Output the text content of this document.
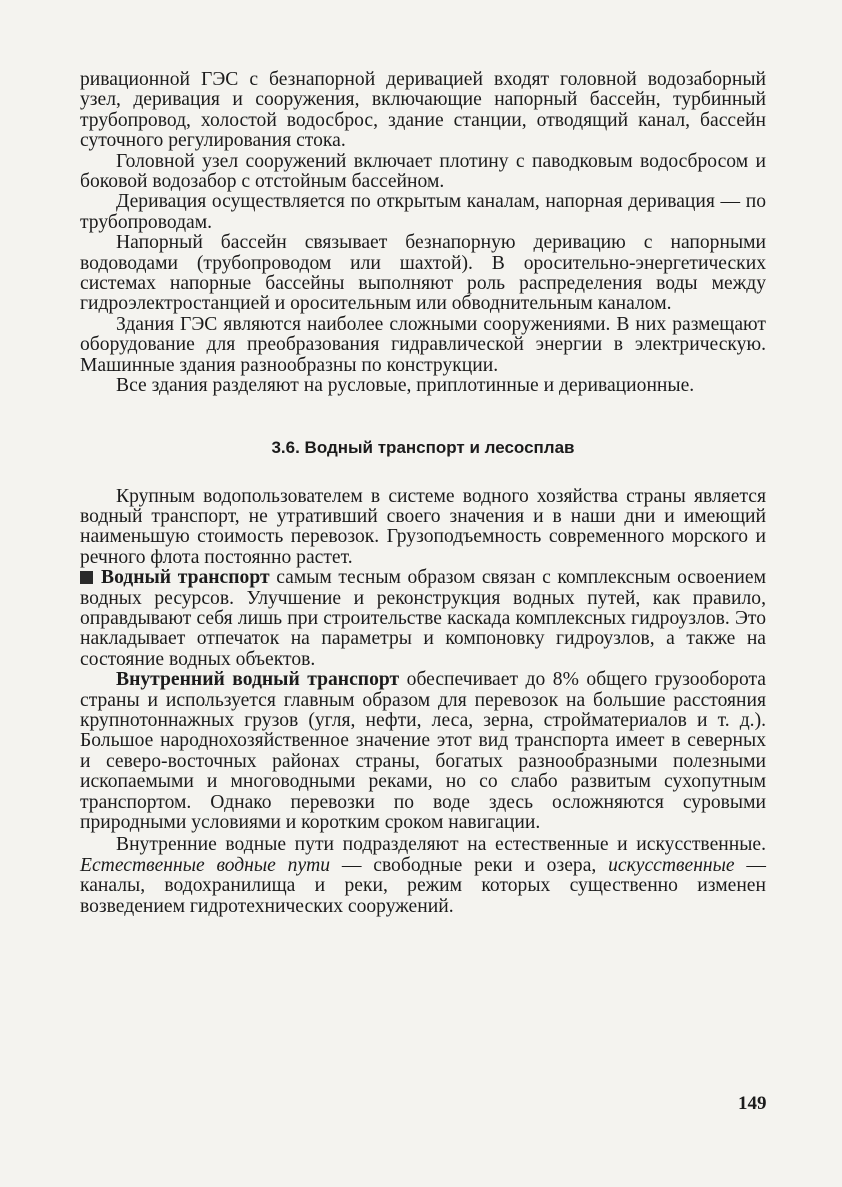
ривационной ГЭС с безнапорной деривацией входят головной водозаборный узел, деривация и сооружения, включающие напорный бассейн, турбинный трубопровод, холостой водосброс, здание станции, отводящий канал, бассейн суточного регулирования стока.

Головной узел сооружений включает плотину с паводковым водосбросом и боковой водозабор с отстойным бассейном.

Деривация осуществляется по открытым каналам, напорная деривация — по трубопроводам.

Напорный бассейн связывает безнапорную деривацию с напорными водоводами (трубопроводом или шахтой). В оросительно-энергетических системах напорные бассейны выполняют роль распределения воды между гидроэлектростанцией и оросительным или обводнительным каналом.

Здания ГЭС являются наиболее сложными сооружениями. В них размещают оборудование для преобразования гидравлической энергии в электрическую. Машинные здания разнообразны по конструкции.

Все здания разделяют на русловые, приплотинные и деривационные.

3.6. Водный транспорт и лесосплав

Крупным водопользователем в системе водного хозяйства страны является водный транспорт, не утративший своего значения и в наши дни и имеющий наименьшую стоимость перевозок. Грузоподъемность современного морского и речного флота постоянно растет.

Водный транспорт самым тесным образом связан с комплексным освоением водных ресурсов. Улучшение и реконструкция водных путей, как правило, оправдывают себя лишь при строительстве каскада комплексных гидроузлов. Это накладывает отпечаток на параметры и компоновку гидроузлов, а также на состояние водных объектов.

Внутренний водный транспорт обеспечивает до 8% общего грузооборота страны и используется главным образом для перевозок на большие расстояния крупнотоннажных грузов (угля, нефти, леса, зерна, стройматериалов и т. д.). Большое народнохозяйственное значение этот вид транспорта имеет в северных и северо-восточных районах страны, богатых разнообразными полезными ископаемыми и многоводными реками, но со слабо развитым сухопутным транспортом. Однако перевозки по воде здесь осложняются суровыми природными условиями и коротким сроком навигации.

Внутренние водные пути подразделяют на естественные и искусственные. Естественные водные пути — свободные реки и озера, искусственные — каналы, водохранилища и реки, режим которых существенно изменен возведением гидротехнических сооружений.

149
